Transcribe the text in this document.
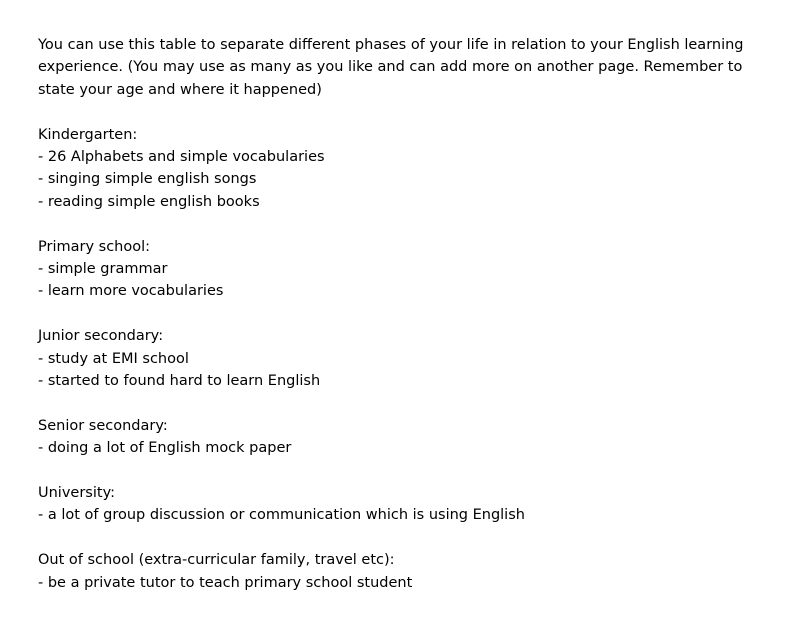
You can use this table to separate different phases of your life in relation to your English learning
experience. (You may use as many as you like and can add more on another page. Remember to
state your age and where it happened)

Kindergarten:
- 26 Alphabets and simple vocabularies
- singing simple english songs
- reading simple english books
Primary school:
- simple grammar
- learn more vocabularies
Junior secondary:
- study at EMI school
- started to found hard to learn English
Senior secondary:
- doing a lot of English mock paper
University:
- a lot of group discussion or communication which is using English
Out of school (extra-curricular family, travel etc):
- be a private tutor to teach primary school student
